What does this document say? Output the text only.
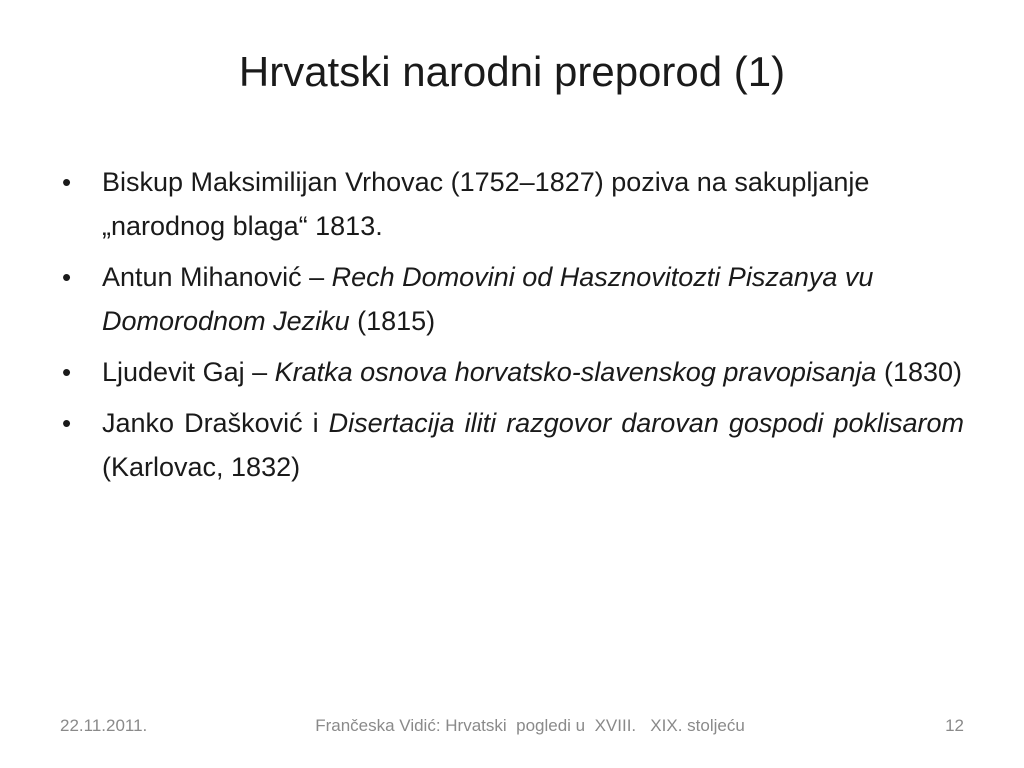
Hrvatski narodni preporod (1)
•	Biskup Maksimilijan Vrhovac (1752–1827) poziva na sakupljanje „narodnog blaga“ 1813.
•	Antun Mihanović – Rech Domovini od Hasznovitozti Piszanya vu Domorodnom Jeziku (1815)
•	Ljudevit Gaj – Kratka osnova horvatsko-slavenskog pravopisanja (1830)
•	Janko Drašković i Disertacija iliti razgovor darovan gospodi poklisarom (Karlovac, 1832)
22.11.2011.	Frančeska Vidić: Hrvatski  pogledi u  XVIII.   XIX. stoljeću	12
